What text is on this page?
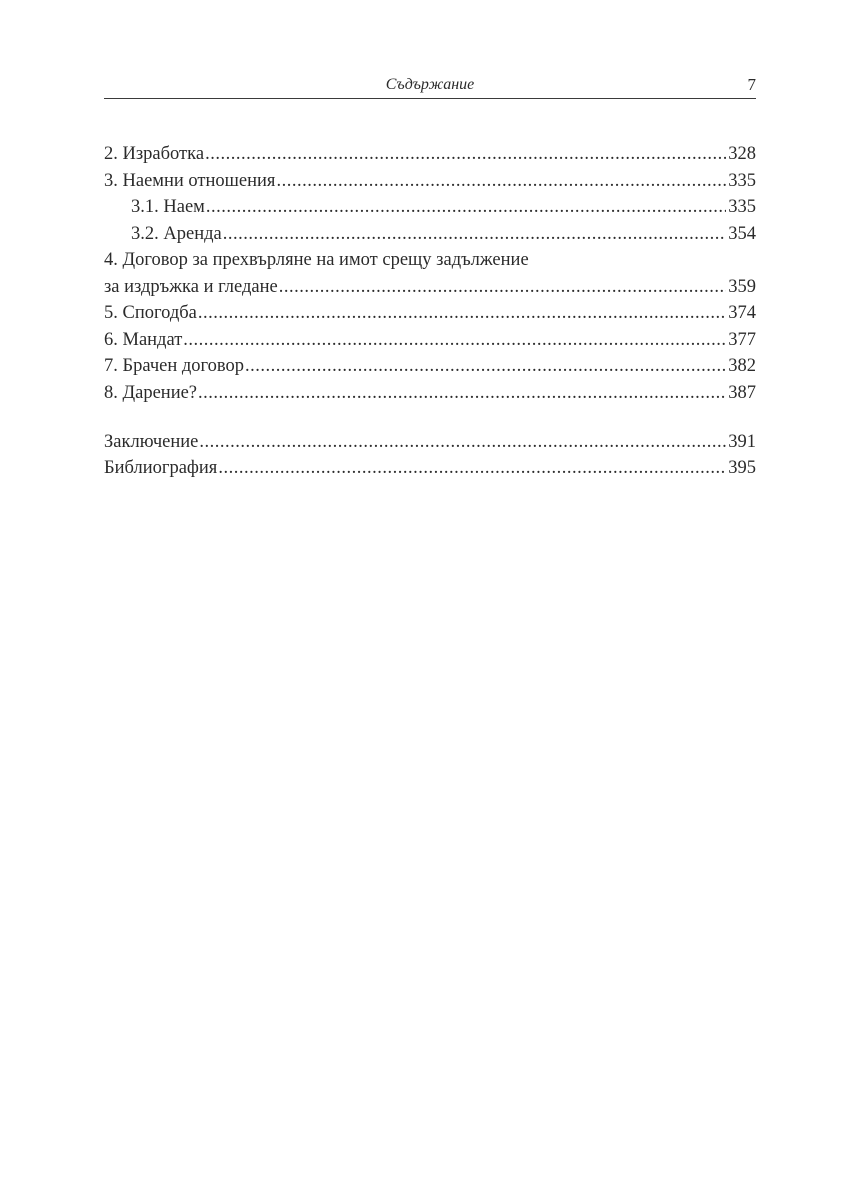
Съдържание	7
2. Изработка .....	328
3. Наемни отношения .....	335
3.1. Наем .....	335
3.2. Аренда .....	354
4. Договор за прехвърляне на имот срещу задължение
за издръжка и гледане .....	359
5. Спогодба .....	374
6. Мандат .....	377
7. Брачен договор .....	382
8. Дарение? .....	387
Заключение .....	391
Библиография .....	395
